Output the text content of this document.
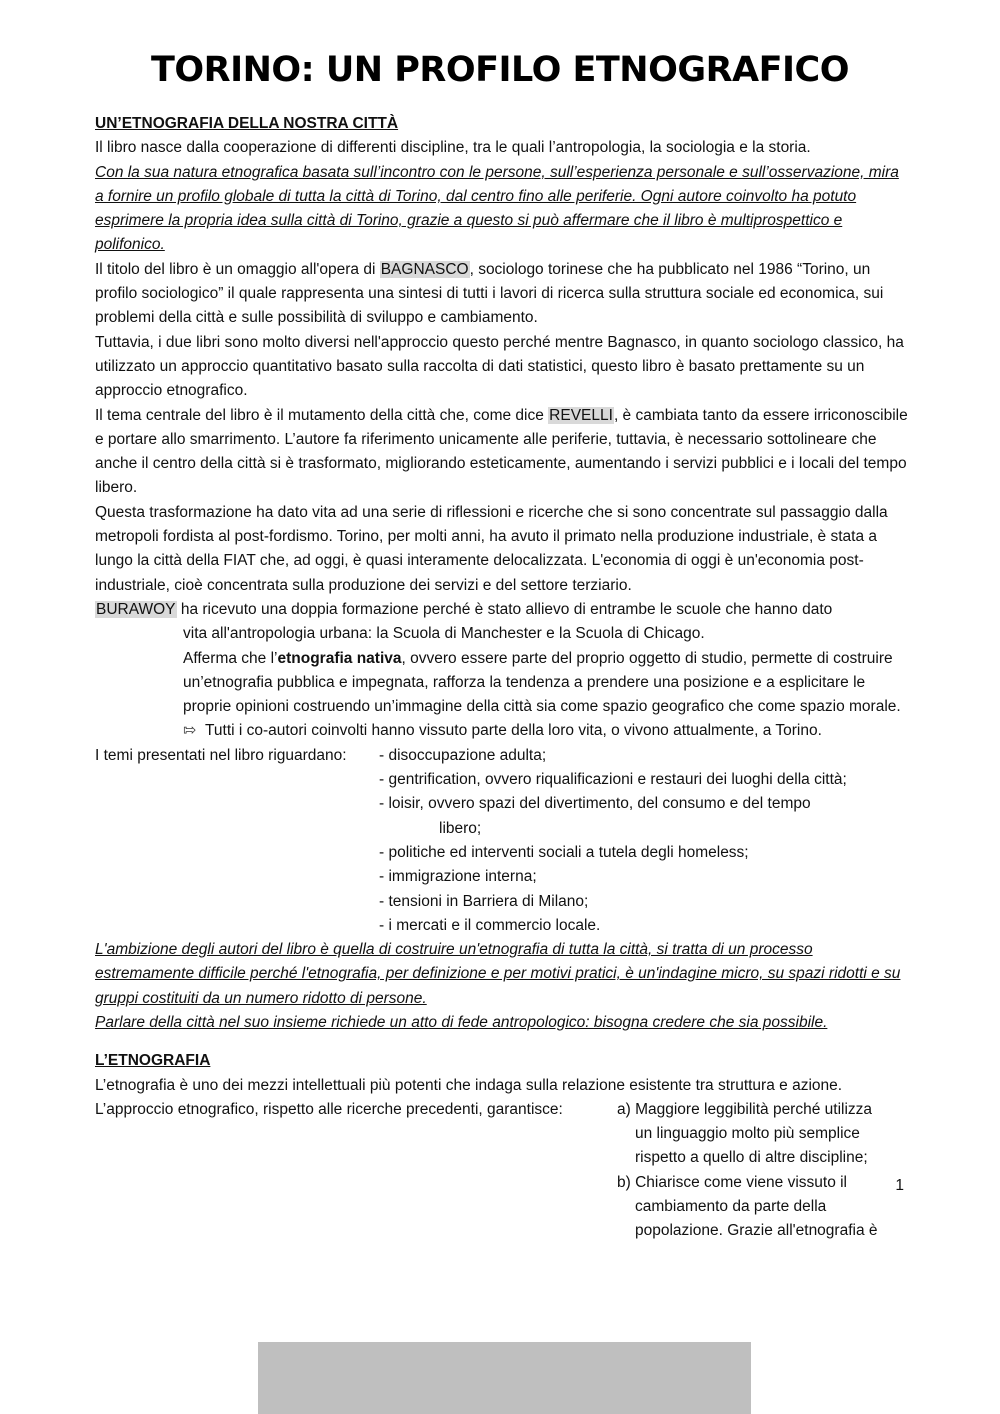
TORINO: UN PROFILO ETNOGRAFICO

UN’ETNOGRAFIA DELLA NOSTRA CITTÀ

Il libro nasce dalla cooperazione di differenti discipline, tra le quali l’antropologia, la sociologia e la storia.

Con la sua natura etnografica basata sull’incontro con le persone, sull’esperienza personale e sull’osservazione, mira a fornire un profilo globale di tutta la città di Torino, dal centro fino alle periferie. Ogni autore coinvolto ha potuto esprimere la propria idea sulla città di Torino, grazie a questo si può affermare che il libro è multiprospettico e polifonico.

Il titolo del libro è un omaggio all'opera di BAGNASCO, sociologo torinese che ha pubblicato nel 1986 “Torino, un profilo sociologico” il quale rappresenta una sintesi di tutti i lavori di ricerca sulla struttura sociale ed economica, sui problemi della città e sulle possibilità di sviluppo e cambiamento.

Tuttavia, i due libri sono molto diversi nell'approccio questo perché mentre Bagnasco, in quanto sociologo classico, ha utilizzato un approccio quantitativo basato sulla raccolta di dati statistici, questo libro è basato prettamente su un approccio etnografico.

Il tema centrale del libro è il mutamento della città che, come dice REVELLI, è cambiata tanto da essere irriconoscibile e portare allo smarrimento. L’autore fa riferimento unicamente alle periferie, tuttavia, è necessario sottolineare che anche il centro della città si è trasformato, migliorando esteticamente, aumentando i servizi pubblici e i locali del tempo libero.

Questa trasformazione ha dato vita ad una serie di riflessioni e ricerche che si sono concentrate sul passaggio dalla metropoli fordista al post-fordismo. Torino, per molti anni, ha avuto il primato nella produzione industriale, è stata a lungo la città della FIAT che, ad oggi, è quasi interamente delocalizzata. L'economia di oggi è un'economia post-industriale, cioè concentrata sulla produzione dei servizi e del settore terziario.

BURAWOY ha ricevuto una doppia formazione perché è stato allievo di entrambe le scuole che hanno dato

vita all'antropologia urbana: la Scuola di Manchester e la Scuola di Chicago.

Afferma che l’etnografia nativa, ovvero essere parte del proprio oggetto di studio, permette di costruire un’etnografia pubblica e impegnata, rafforza la tendenza a prendere una posizione e a esplicitare le proprie opinioni costruendo un’immagine della città sia come spazio geografico che come spazio morale.

⇰ Tutti i co-autori coinvolti hanno vissuto parte della loro vita, o vivono attualmente, a Torino.

I temi presentati nel libro riguardano:	- disoccupazione adulta;
- gentrification, ovvero riqualificazioni e restauri dei luoghi della città;
- loisir, ovvero spazi del divertimento, del consumo e del tempo
libero;
- politiche ed interventi sociali a tutela degli homeless;
- immigrazione interna;
- tensioni in Barriera di Milano;
- i mercati e il commercio locale.

L'ambizione degli autori del libro è quella di costruire un'etnografia di tutta la città, si tratta di un processo estremamente difficile perché l'etnografia, per definizione e per motivi pratici, è un'indagine micro, su spazi ridotti e su gruppi costituiti da un numero ridotto di persone.

Parlare della città nel suo insieme richiede un atto di fede antropologico: bisogna credere che sia possibile.

L’ETNOGRAFIA

L’etnografia è uno dei mezzi intellettuali più potenti che indaga sulla relazione esistente tra struttura e azione.

L’approccio etnografico, rispetto alle ricerche precedenti, garantisce:	a) Maggiore leggibilità perché utilizza
un linguaggio molto più semplice
rispetto a quello di altre discipline;
b) Chiarisce come viene vissuto il
cambiamento da parte della
popolazione. Grazie all'etnografia è
1
